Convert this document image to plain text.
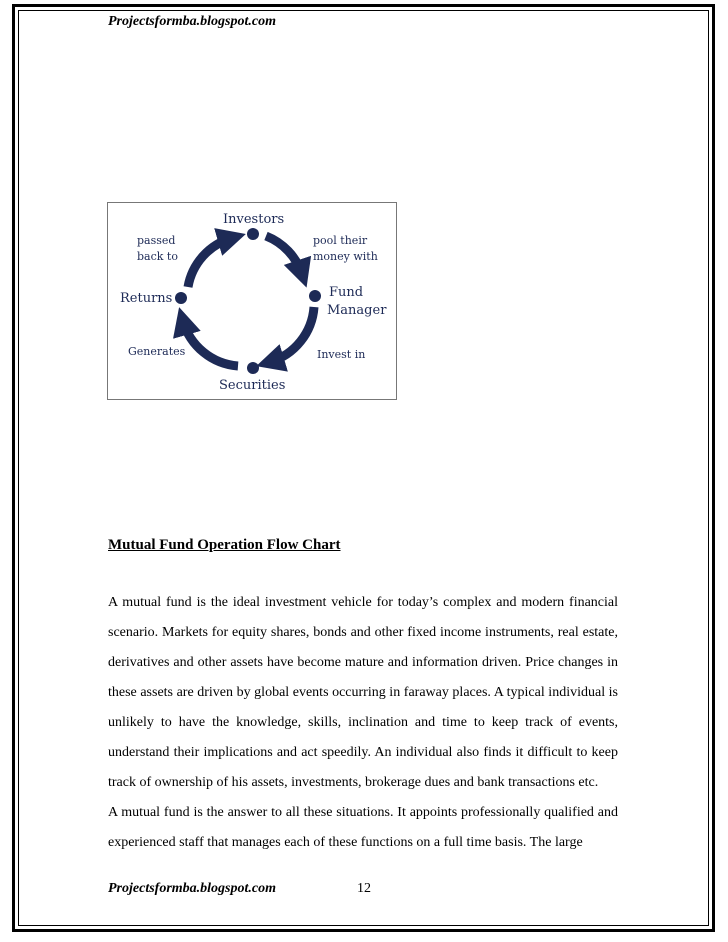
Projectsformba.blogspot.com
Investors
Fund
Manager
Securities
Returns
pool their
money with
Invest in
Generates
passed
back to
Mutual Fund Operation Flow Chart

A mutual fund is the ideal investment vehicle for today’s complex and modern financial scenario. Markets for equity shares, bonds and other fixed income instruments, real estate, derivatives and other assets have become mature and information driven. Price changes in these assets are driven by global events occurring in faraway places. A typical individual is unlikely to have the knowledge, skills, inclination and time to keep track of events, understand their implications and act speedily. An individual also finds it difficult to keep track of ownership of his assets, investments, brokerage dues and bank transactions etc.

A mutual fund is the answer to all these situations. It appoints professionally qualified and experienced staff that manages each of these functions on a full time basis. The large

Projectsformba.blogspot.com	12
